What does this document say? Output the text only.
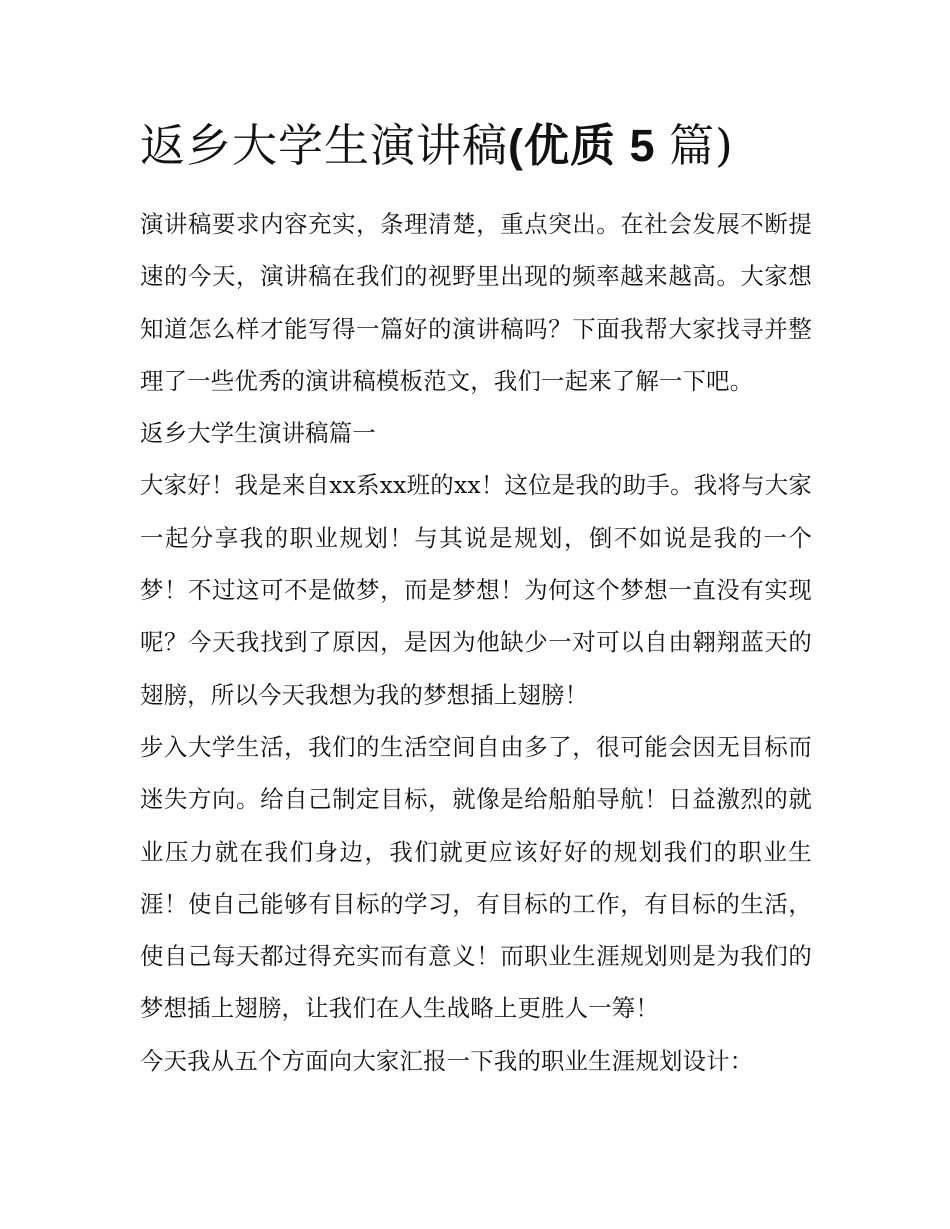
返乡大学生演讲稿(优质 5 篇)

演讲稿要求内容充实，条理清楚，重点突出。在社会发展不断提速的今天，演讲稿在我们的视野里出现的频率越来越高。大家想知道怎么样才能写得一篇好的演讲稿吗？下面我帮大家找寻并整理了一些优秀的演讲稿模板范文，我们一起来了解一下吧。

返乡大学生演讲稿篇一

大家好！我是来自xx系xx班的xx！这位是我的助手。我将与大家一起分享我的职业规划！与其说是规划，倒不如说是我的一个梦！不过这可不是做梦，而是梦想！为何这个梦想一直没有实现呢？今天我找到了原因，是因为他缺少一对可以自由翱翔蓝天的翅膀，所以今天我想为我的梦想插上翅膀！

步入大学生活，我们的生活空间自由多了，很可能会因无目标而迷失方向。给自己制定目标，就像是给船舶导航！日益激烈的就业压力就在我们身边，我们就更应该好好的规划我们的职业生涯！使自己能够有目标的学习，有目标的工作，有目标的生活，使自己每天都过得充实而有意义！而职业生涯规划则是为我们的梦想插上翅膀，让我们在人生战略上更胜人一筹！

今天我从五个方面向大家汇报一下我的职业生涯规划设计：
